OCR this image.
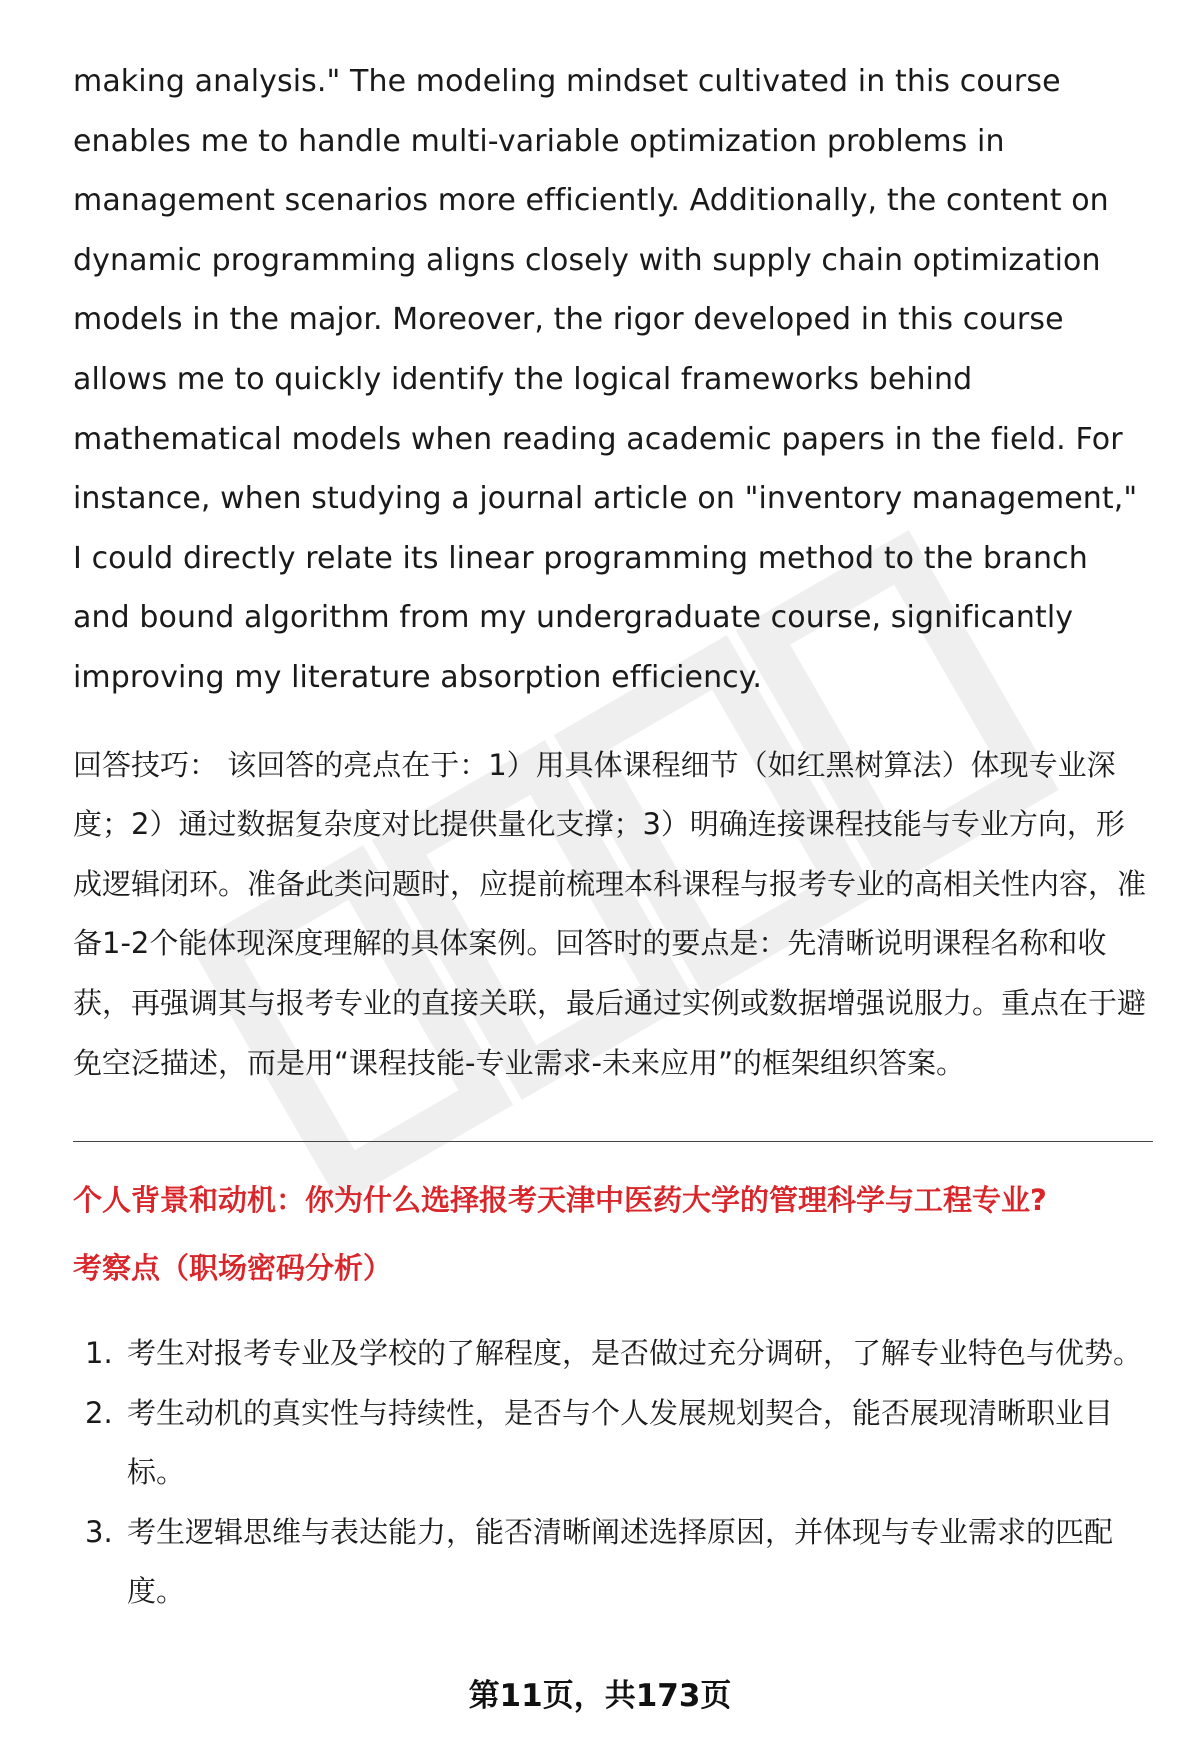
making analysis." The modeling mindset cultivated in this course enables me to handle multi-variable optimization problems in management scenarios more efficiently. Additionally, the content on dynamic programming aligns closely with supply chain optimization models in the major. Moreover, the rigor developed in this course allows me to quickly identify the logical frameworks behind mathematical models when reading academic papers in the field. For instance, when studying a journal article on "inventory management," I could directly relate its linear programming method to the branch and bound algorithm from my undergraduate course, significantly improving my literature absorption efficiency.

回答技巧： 该回答的亮点在于：1）用具体课程细节（如红黑树算法）体现专业深度；2）通过数据复杂度对比提供量化支撑；3）明确连接课程技能与专业方向，形成逻辑闭环。准备此类问题时，应提前梳理本科课程与报考专业的高相关性内容，准备1-2个能体现深度理解的具体案例。回答时的要点是：先清晰说明课程名称和收获，再强调其与报考专业的直接关联，最后通过实例或数据增强说服力。重点在于避免空泛描述，而是用“课程技能-专业需求-未来应用”的框架组织答案。
个人背景和动机：你为什么选择报考天津中医药大学的管理科学与工程专业?
考察点（职场密码分析）
1. 考生对报考专业及学校的了解程度，是否做过充分调研，了解专业特色与优势。
2. 考生动机的真实性与持续性，是否与个人发展规划契合，能否展现清晰职业目标。
3. 考生逻辑思维与表达能力，能否清晰阐述选择原因，并体现与专业需求的匹配度。
第11页，共173页
